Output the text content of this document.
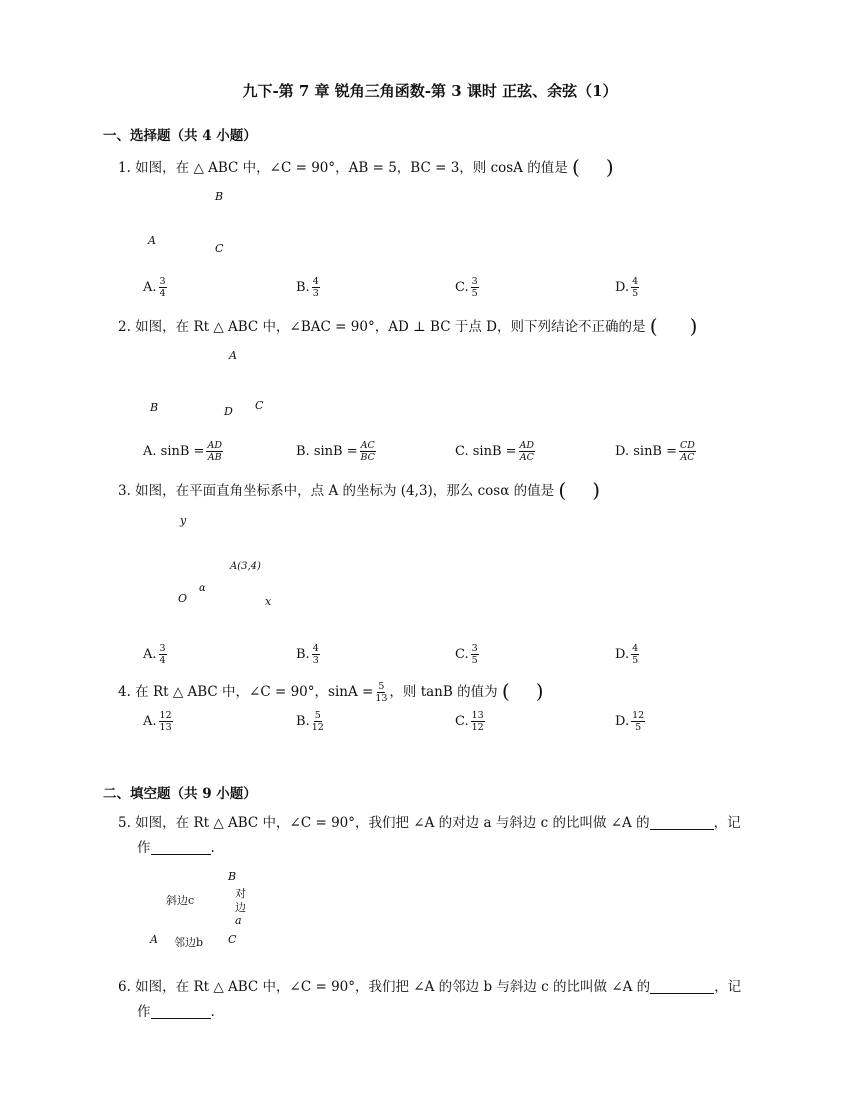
九下-第 7 章 锐角三角函数-第 3 课时 正弦、余弦（1）
一、选择题（共 4 小题）
1. 如图，在 △ ABC 中，∠C = 90°，AB = 5，BC = 3，则 cosA 的值是 ( )
A
B
C
A. $\frac{3}{4}$	B. $\frac{4}{3}$	C. $\frac{3}{5}$	D. $\frac{4}{5}$
2. 如图，在 Rt △ ABC 中，∠BAC = 90°，AD ⊥ BC 于点 D，则下列结论不正确的是 ( )
A
B	C
D
A. $\sin B = \frac{AD}{AB}$	B. $\sin B = \frac{AC}{BC}$	C. $\sin B = \frac{AD}{AC}$	D. $\sin B = \frac{CD}{AC}$
3. 如图，在平面直角坐标系中，点 A 的坐标为 (4,3)，那么 cosα 的值是 ( )
y
x
O
α
A(3,4)
A. $\frac{3}{4}$	B. $\frac{4}{3}$	C. $\frac{3}{5}$	D. $\frac{4}{5}$
4. 在 Rt △ ABC 中，∠C = 90°，$\sin A = \frac{5}{13}$ ，则 tanB 的值为 ( )
A. $\frac{12}{13}$	B. $\frac{5}{12}$	C. $\frac{13}{12}$	D. $\frac{12}{5}$
二、填空题（共 9 小题）
5. 如图，在 Rt △ ABC 中，∠C = 90°，我们把 ∠A 的对边 a 与斜边 c 的比叫做 ∠A 的	，记
作	.
A
B
C
斜边c
对
边
a
邻边b
6. 如图，在 Rt △ ABC 中，∠C = 90°，我们把 ∠A 的邻边 b 与斜边 c 的比叫做 ∠A 的	，记
作	.
